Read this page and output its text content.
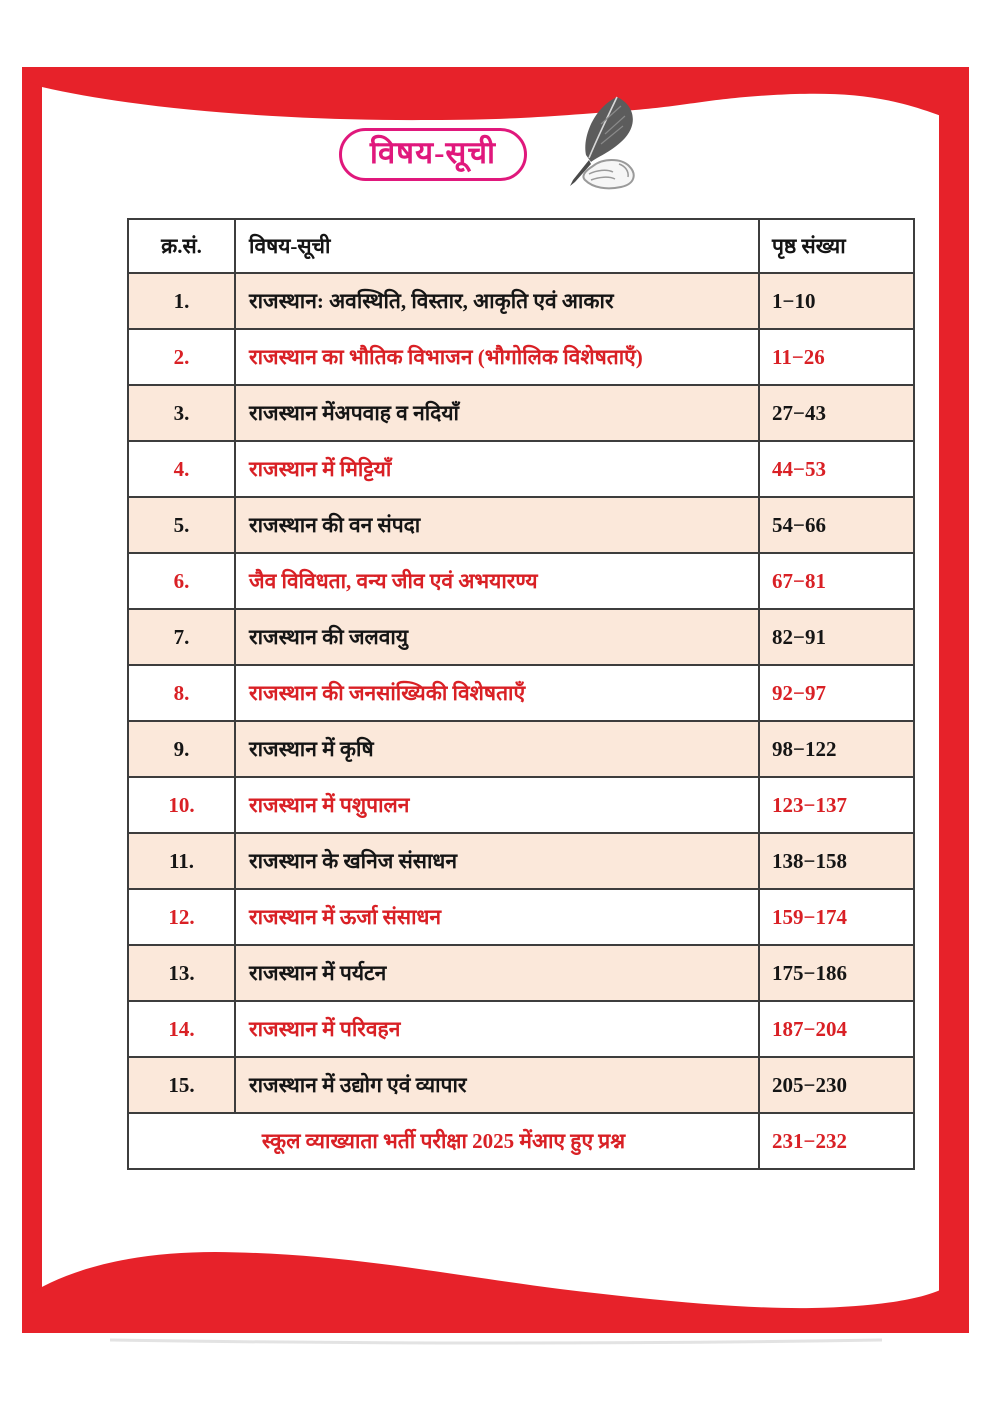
विषय-सूची
क्र.सं.	विषय-सूची	पृष्ठ संख्या
1.	राजस्थान: अवस्थिति, विस्तार, आकृति एवं आकार	1−10
2.	राजस्थान का भौतिक विभाजन (भौगोलिक विशेषताएँ)	11−26
3.	राजस्थान मेंअपवाह व नदियाँ	27−43
4.	राजस्थान में मिट्टियाँ	44−53
5.	राजस्थान की वन संपदा	54−66
6.	जैव विविधता, वन्य जीव एवं अभयारण्य	67−81
7.	राजस्थान की जलवायु	82−91
8.	राजस्थान की जनसांख्यिकी विशेषताएँ	92−97
9.	राजस्थान में कृषि	98−122
10.	राजस्थान में पशुपालन	123−137
11.	राजस्थान के खनिज संसाधन	138−158
12.	राजस्थान में ऊर्जा संसाधन	159−174
13.	राजस्थान में पर्यटन	175−186
14.	राजस्थान में परिवहन	187−204
15.	राजस्थान में उद्योग एवं व्यापार	205−230
स्कूल व्याख्याता भर्ती परीक्षा 2025 मेंआए हुए प्रश्न		231−232
